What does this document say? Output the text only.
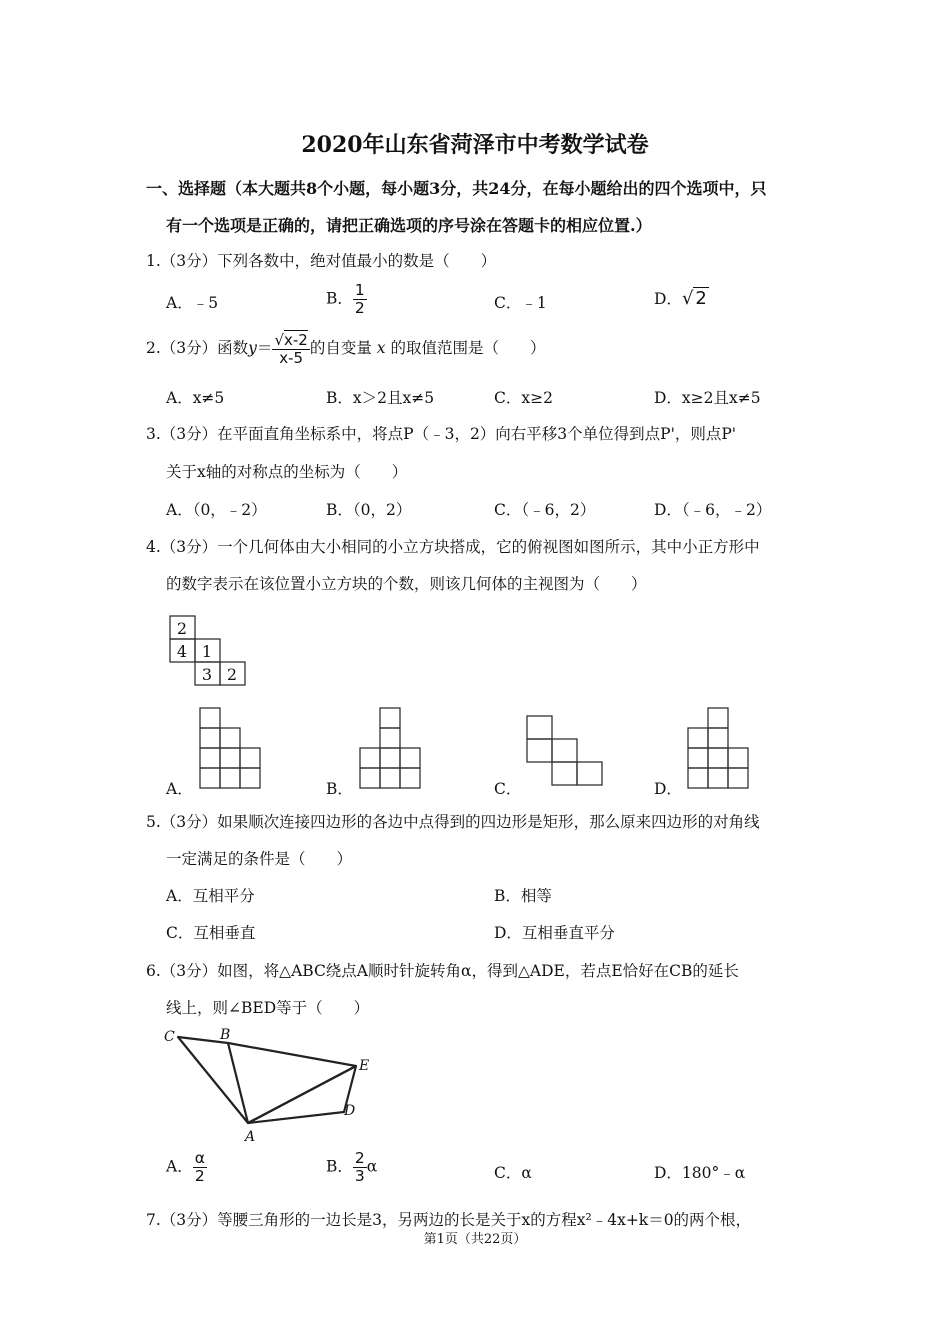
2020年山东省菏泽市中考数学试卷
一、选择题（本大题共8个小题，每小题3分，共24分，在每小题给出的四个选项中，只
有一个选项是正确的，请把正确选项的序号涂在答题卡的相应位置.）
1.（3分）下列各数中，绝对值最小的数是（　　）
A．﹣5	B． $\frac{1}{2}$	C．﹣1	D．√ 2
2.（3分）函数$y= \frac{√x-2}{x-5}$ 的自变量 x 的取值范围是（　　）
A．x≠5	B．x＞2且x≠5	C．x≥2	D．x≥2且x≠5
3.（3分）在平面直角坐标系中，将点P（﹣3，2）向右平移3个单位得到点P'，则点P'
关于x轴的对称点的坐标为（　　）
A．（0，﹣2）	B．（0，2）	C．（﹣6，2）	D．（﹣6，﹣2）
4.（3分）一个几何体由大小相同的小立方块搭成，它的俯视图如图所示，其中小正方形中
的数字表示在该位置小立方块的个数，则该几何体的主视图为（　　）
2
4 1
3 2
A．	B．	C．	D．
5.（3分）如果顺次连接四边形的各边中点得到的四边形是矩形，那么原来四边形的对角线
一定满足的条件是（　　）
A．互相平分	B．相等
C．互相垂直	D．互相垂直平分
6.（3分）如图，将△ABC绕点A顺时针旋转角α，得到△ADE，若点E恰好在CB的延长
线上，则∠BED等于（　　）
C	B
E
D
A
A． $\frac{\alpha}{2}$	B． $\frac{2}{3}$ α	C．α	D．180°﹣α
7.（3分）等腰三角形的一边长是3，另两边的长是关于x的方程x²﹣4x+k＝0的两个根，
第1页（共22页）
